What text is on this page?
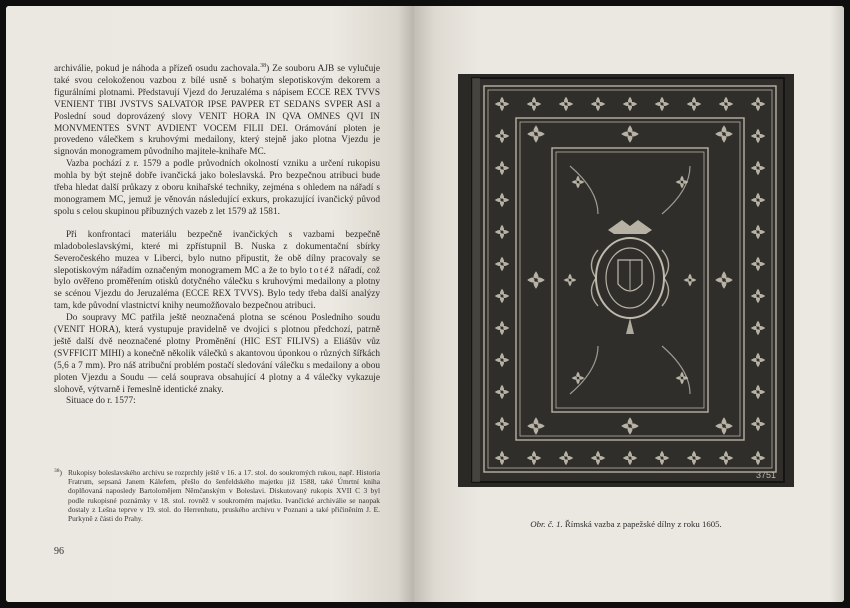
archiválie, pokud je náhoda a přízeň osudu zachovala.$^{38}$) Ze souboru AJB se vylučuje také svou celokoženou vazbou z bílé usně s bohatým slepotiskovým dekorem a figurálními plotnami. Představují Vjezd do Jeruzaléma s nápisem ECCE REX TVVS VENIENT TIBI JVSTVS SALVATOR IPSE PAVPER ET SEDANS SVPER ASI a Poslední soud doprovázený slovy VENIT HORA IN QVA OMNES QVI IN MONVMENTES SVNT AVDIENT VOCEM FILII DEI. Orámování ploten je provedeno válečkem s kruhovými medailony, který stejně jako plotna Vjezdu je signován monogramem původního majitele-knihaře MC.

Vazba pochází z r. 1579 a podle průvodních okolností vzniku a určení rukopisu mohla by být stejně dobře ivančická jako boleslavská. Pro bezpečnou atribuci bude třeba hledat další průkazy z oboru knihařské techniky, zejména s ohledem na nářadí s monogramem MC, jemuž je věnován následující exkurs, prokazující ivančický původ spolu s celou skupinou příbuzných vazeb z let 1579 až 1581.

Při konfrontaci materiálu bezpečně ivančických s vazbami bezpečně mladoboleslavskými, které mi zpřístupnil B. Nuska z dokumentační sbírky Severočeského muzea v Liberci, bylo nutno připustit, že obě dílny pracovaly se slepotiskovým nářadím označeným monogramem MC a že to bylo totéž nářadí, což bylo ověřeno proměřením otisků dotyčného válečku s kruhovými medailony a plotny se scénou Vjezdu do Jeruzaléma (ECCE REX TVVS). Bylo tedy třeba další analýzy tam, kde původní vlastnictví knihy neumožňovalo bezpečnou atribuci.

Do soupravy MC patřila ještě neoznačená plotna se scénou Posledního soudu (VENIT HORA), která vystupuje pravidelně ve dvojici s plotnou předchozí, patrně ještě další dvě neoznačené plotny Proměnění (HIC EST FILIVS) a Eliášův vůz (SVFFICIT MIHI) a konečně několik válečků s akantovou úponkou o různých šířkách (5,6 a 7 mm). Pro náš atribuční problém postačí sledování válečku s medailony a obou ploten Vjezdu a Soudu — celá souprava obsahující 4 plotny a 4 válečky vykazuje slohově, výtvarně i řemeslně identické znaky.

Situace do r. 1577:

$^{38}$) Rukopisy boleslavského archivu se rozprchly ještě v 16. a 17. stol. do soukromých rukou, např. Historia Fratrum, sepsaná Janem Kálefem, přešlo do šenfeldského majetku již 1588, také Úmrtní kniha doplňovaná naposledy Bartolomějem Němčanským v Boleslavi. Diskutovaný rukopis XVII C 3 byl podle rukopisné poznámky v 18. stol. rovněž v soukromém majetku. Ivančické archiválie se naopak dostaly z Lešna teprve v 19. stol. do Herrenhutu, pruského archivu v Poznani a také přičiněním J. E. Purkyně z části do Prahy.
96
3751
Obr. č. 1. Římská vazba z papežské dílny z roku 1605.
